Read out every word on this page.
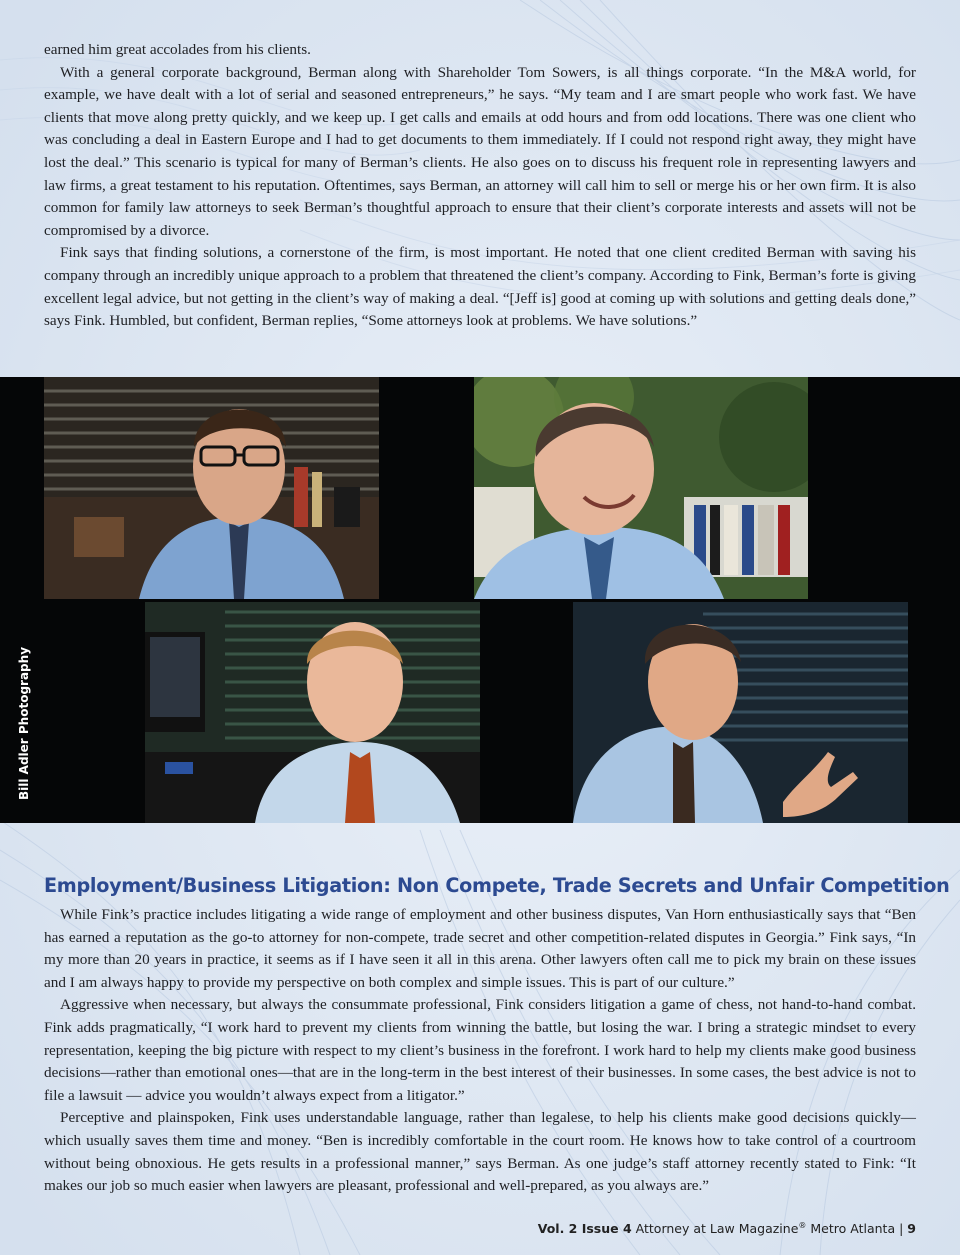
earned him great accolades from his clients.

With a general corporate background, Berman along with Shareholder Tom Sowers, is all things corporate. “In the M&A world, for example, we have dealt with a lot of serial and seasoned entrepreneurs,” he says. “My team and I are smart people who work fast. We have clients that move along pretty quickly, and we keep up. I get calls and emails at odd hours and from odd locations. There was one client who was concluding a deal in Eastern Europe and I had to get documents to them immediately. If I could not respond right away, they might have lost the deal.” This scenario is typical for many of Berman’s clients. He also goes on to discuss his frequent role in representing lawyers and law firms, a great testament to his reputation. Oftentimes, says Berman, an attorney will call him to sell or merge his or her own firm. It is also common for family law attorneys to seek Berman’s thoughtful approach to ensure that their client’s corporate interests and assets will not be compromised by a divorce.

Fink says that finding solutions, a cornerstone of the firm, is most important. He noted that one client credited Berman with saving his company through an incredibly unique approach to a problem that threatened the client’s company. According to Fink, Berman’s forte is giving excellent legal advice, but not getting in the client’s way of making a deal. “[Jeff is] good at coming up with solutions and getting deals done,” says Fink. Humbled, but confident, Berman replies, “Some attorneys look at problems. We have solutions.”

Bill Adler Photography
Employment/Business Litigation: Non Compete, Trade Secrets and Unfair Competition

While Fink’s practice includes litigating a wide range of employment and other business disputes, Van Horn enthusiastically says that “Ben has earned a reputation as the go-to attorney for non-compete, trade secret and other competition-related disputes in Georgia.” Fink says, “In my more than 20 years in practice, it seems as if I have seen it all in this arena. Other lawyers often call me to pick my brain on these issues and I am always happy to provide my perspective on both complex and simple issues. This is part of our culture.”

Aggressive when necessary, but always the consummate professional, Fink considers litigation a game of chess, not hand-to-hand combat. Fink adds pragmatically, “I work hard to prevent my clients from winning the battle, but losing the war. I bring a strategic mindset to every representation, keeping the big picture with respect to my client’s business in the forefront. I work hard to help my clients make good business decisions—rather than emotional ones—that are in the long-term in the best interest of their businesses. In some cases, the best advice is not to file a lawsuit — advice you wouldn’t always expect from a litigator.”

Perceptive and plainspoken, Fink uses understandable language, rather than legalese, to help his clients make good decisions quickly—which usually saves them time and money. “Ben is incredibly comfortable in the court room. He knows how to take control of a courtroom without being obnoxious. He gets results in a professional manner,” says Berman. As one judge’s staff attorney recently stated to Fink: “It makes our job so much easier when lawyers are pleasant, professional and well-prepared, as you always are.”

Vol. 2 Issue 4 Attorney at Law Magazine® Metro Atlanta | 9
